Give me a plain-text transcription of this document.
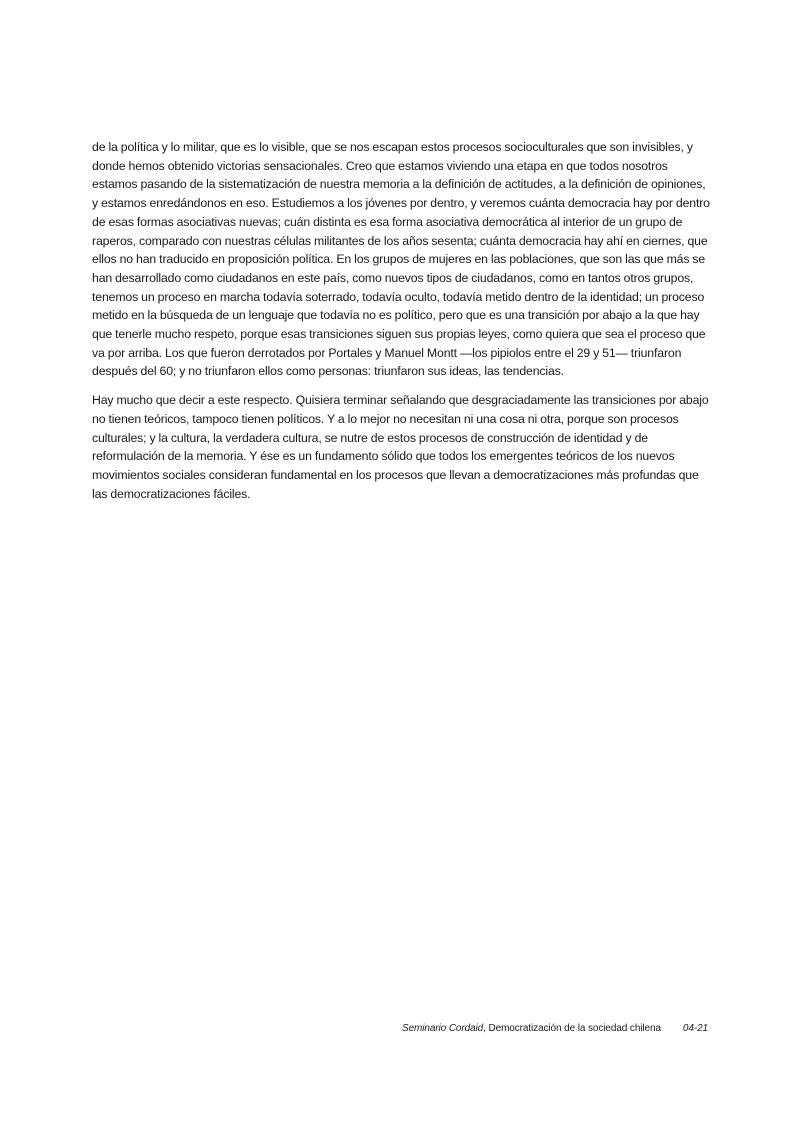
de la política y lo militar, que es lo visible, que se nos escapan estos procesos socioculturales que son invisibles, y donde hemos obtenido victorias sensacionales. Creo que estamos viviendo una etapa en que todos nosotros estamos pasando de la sistematización de nuestra memoria a la definición de actitudes, a la definición de opiniones, y estamos enredándonos en eso. Estudiemos a los jóvenes por dentro, y veremos cuánta democracia hay por dentro de esas formas asociativas nuevas; cuán distinta es esa forma asociativa democrática al interior de un grupo de raperos, comparado con nuestras células militantes de los años sesenta; cuánta democracia hay ahí en ciernes, que ellos no han traducido en proposición política. En los grupos de mujeres en las poblaciones, que son las que más se han desarrollado como ciudadanos en este país, como nuevos tipos de ciudadanos, como en tantos otros grupos, tenemos un proceso en marcha todavía soterrado, todavía oculto, todavía metido dentro de la identidad; un proceso metido en la búsqueda de un lenguaje que todavía no es político, pero que es una transición por abajo a la que hay que tenerle mucho respeto, porque esas transiciones siguen sus propias leyes, como quiera que sea el proceso que va por arriba. Los que fueron derrotados por Portales y Manuel Montt —los pipiolos entre el 29 y 51— triunfaron después del 60; y no triunfaron ellos como personas: triunfaron sus ideas, las tendencias.

Hay mucho que decir a este respecto. Quisiera terminar señalando que desgraciadamente las transiciones por abajo no tienen teóricos, tampoco tienen políticos. Y a lo mejor no necesitan ni una cosa ni otra, porque son procesos culturales; y la cultura, la verdadera cultura, se nutre de estos procesos de construcción de identidad y de reformulación de la memoria. Y ése es un fundamento sólido que todos los emergentes teóricos de los nuevos movimientos sociales consideran fundamental en los procesos que llevan a democratizaciones más profundas que las democratizaciones fáciles.

Seminario Cordaid, Democratización de la sociedad chilena 04-21
